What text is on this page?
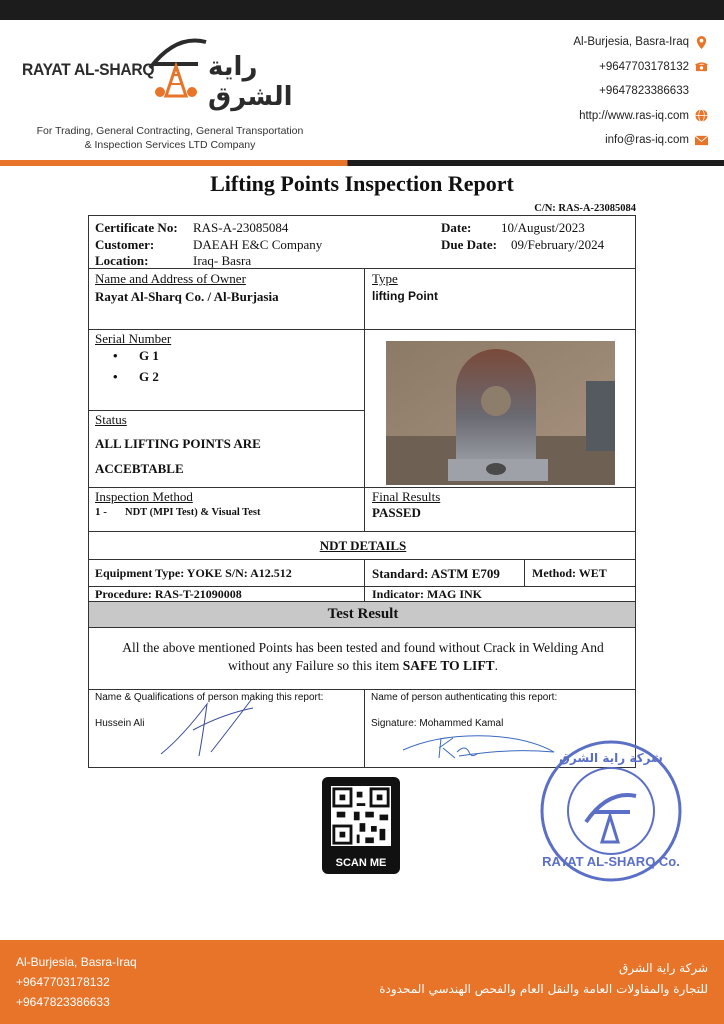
RAYAT AL-SHARQ راية الشرق
For Trading, General Contracting, General Transportation
& Inspection Services LTD Company
Al-Burjesia, Basra-Iraq
+9647703178132
+9647823386633
http://www.ras-iq.com
info@ras-iq.com
Lifting Points Inspection Report
C/N: RAS-A-23085084
Certificate No: RAS-A-23085084
Customer:	DAEAH E&C Company
Location:	Iraq- Basra
Date: 10/August/2023
Due Date: 09/February/2024
Name and Address of Owner
Rayat Al-Sharq Co. / Al-Burjasia
Type
lifting Point
Serial Number
• G 1
• G 2
Status
ALL LIFTING POINTS ARE
ACCEBTABLE
Inspection Method
1 - NDT (MPI Test) & Visual Test
Final Results
PASSED
NDT DETAILS
Equipment Type: YOKE S/N: A12.512	Standard: ASTM E709	Method: WET
Procedure: RAS-T-21090008	Indicator: MAG INK
Test Result
All the above mentioned Points has been tested and found without Crack in Welding And
without any Failure so this item SAFE TO LIFT.
Name & Qualifications of person making this report:
Hussein Ali
Name of person authenticating this report:
Signature: Mohammed Kamal
RAYAT AL-SHARQ Co.
شركة راية الشرق
SCAN ME
Al-Burjesia, Basra-Iraq
+9647703178132
+9647823386633
شركة راية الشرق
للتجارة والمقاولات العامة والنقل العام والفحص الهندسي المحدودة
